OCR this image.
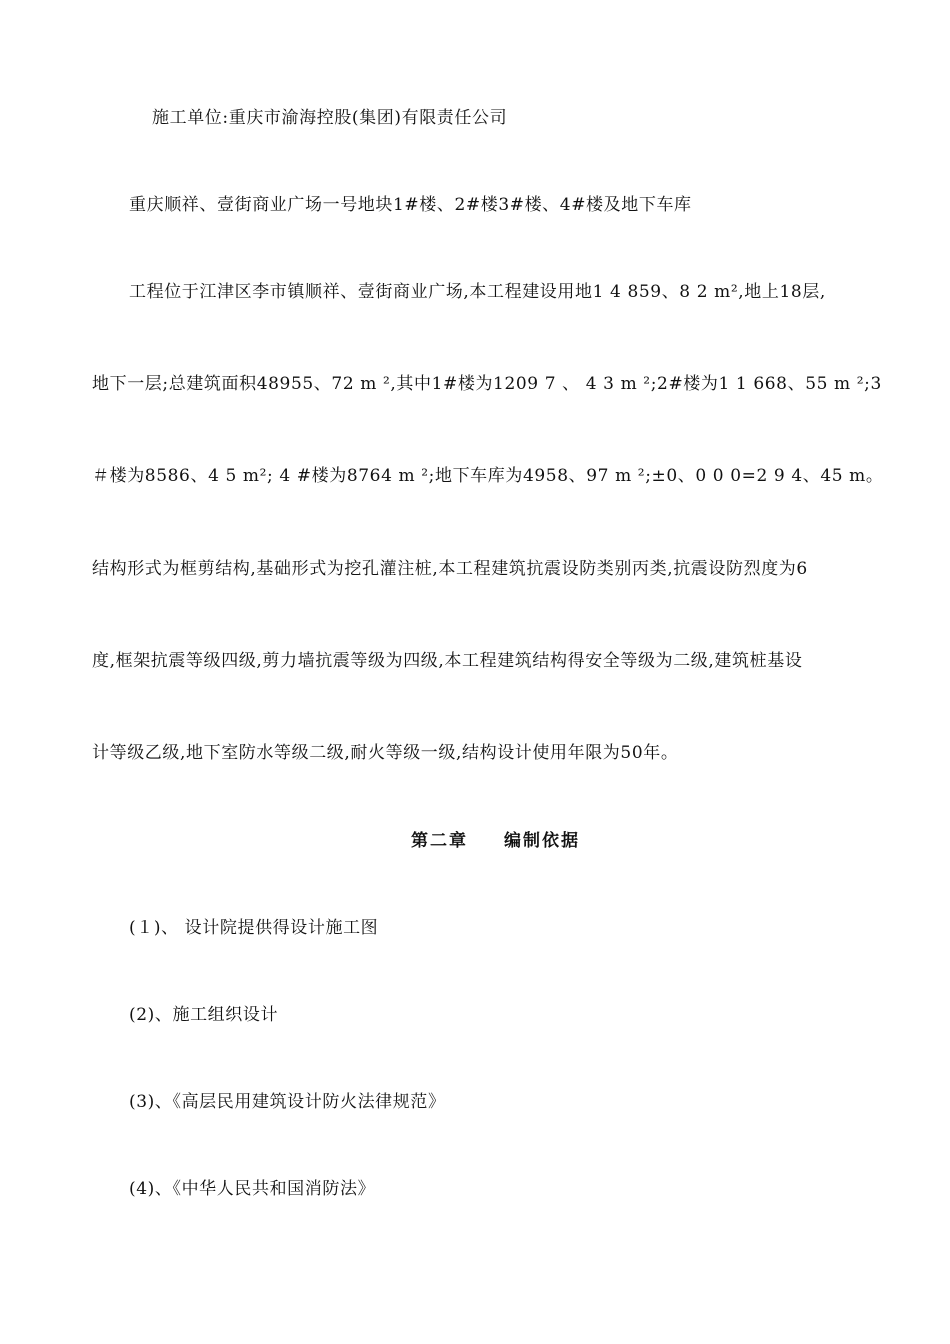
施工单位:重庆市渝海控股(集团)有限责任公司
重庆顺祥、壹街商业广场一号地块1#楼、2#楼3#楼、4#楼及地下车库
工程位于江津区李市镇顺祥、壹街商业广场,本工程建设用地1 4 859、8 2 m²,地上18层,
地下一层;总建筑面积48955、72 m ²,其中1#楼为1209 7 、 4 3 m ²;2#楼为1 1 668、55 m ²;3
＃楼为8586、4 5 m²; 4 #楼为8764 m ²;地下车库为4958、97 m ²;±0、0 0 0=2 9 4、45 m。
结构形式为框剪结构,基础形式为挖孔灌注桩,本工程建筑抗震设防类别丙类,抗震设防烈度为6
度,框架抗震等级四级,剪力墙抗震等级为四级,本工程建筑结构得安全等级为二级,建筑桩基设
计等级乙级,地下室防水等级二级,耐火等级一级,结构设计使用年限为50年。
第二章 编制依据
(１)、 设计院提供得设计施工图
(2)、施工组织设计
(3)、《高层民用建筑设计防火法律规范》
(4)、《中华人民共和国消防法》
